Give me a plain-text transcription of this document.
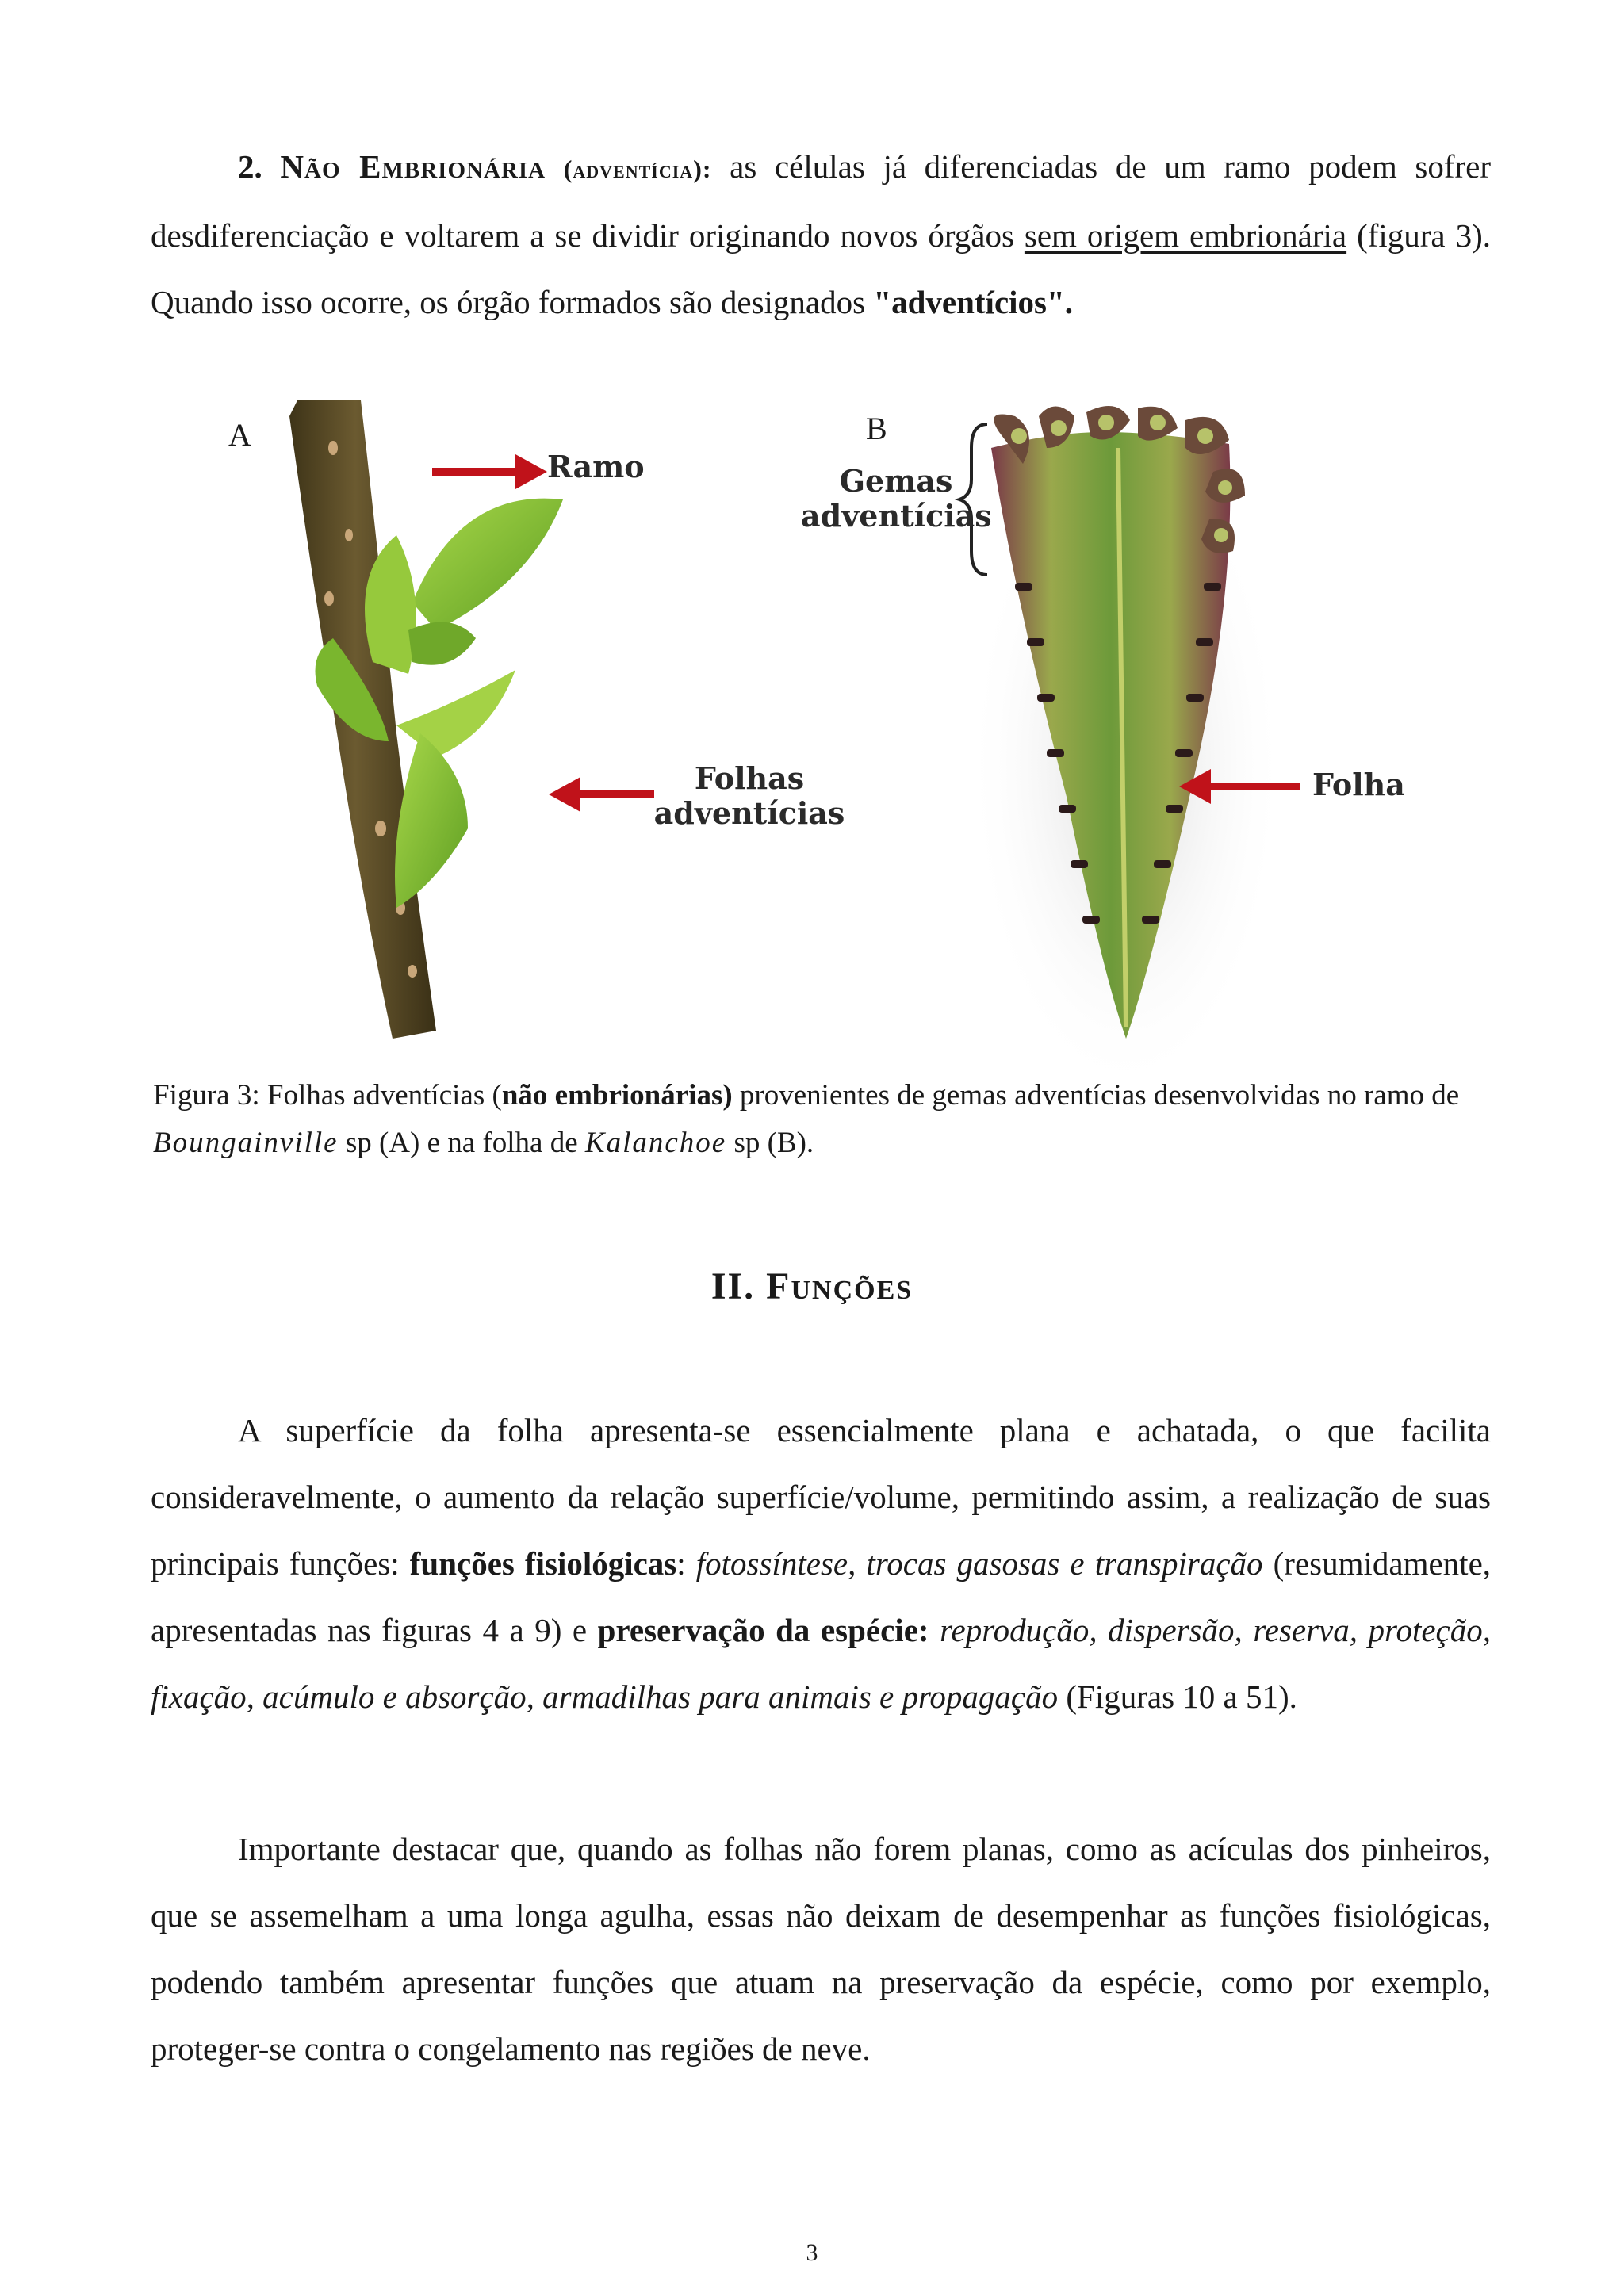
2. Não Embrionária (adventícia): as células já diferenciadas de um ramo podem sofrer desdiferenciação e voltarem a se dividir originando novos órgãos sem origem embrionária (figura 3). Quando isso ocorre, os órgão formados são designados "adventícios".

A	B
Ramo	Gemas
adventícias
Folhas
adventícias
Folha

Figura 3: Folhas adventícias (não embrionárias) provenientes de gemas adventícias desenvolvidas no ramo de Boungainville sp (A) e na folha de Kalanchoe sp (B).

II. Funções

A superfície da folha apresenta-se essencialmente plana e achatada, o que facilita consideravelmente, o aumento da relação superfície/volume, permitindo assim, a realização de suas principais funções: funções fisiológicas: fotossíntese, trocas gasosas e transpiração (resumidamente, apresentadas nas figuras 4 a 9) e preservação da espécie: reprodução, dispersão, reserva, proteção, fixação, acúmulo e absorção, armadilhas para animais e propagação (Figuras 10 a 51).

Importante destacar que, quando as folhas não forem planas, como as acículas dos pinheiros, que se assemelham a uma longa agulha, essas não deixam de desempenhar as funções fisiológicas, podendo também apresentar funções que atuam na preservação da espécie, como por exemplo, proteger-se contra o congelamento nas regiões de neve.

3
